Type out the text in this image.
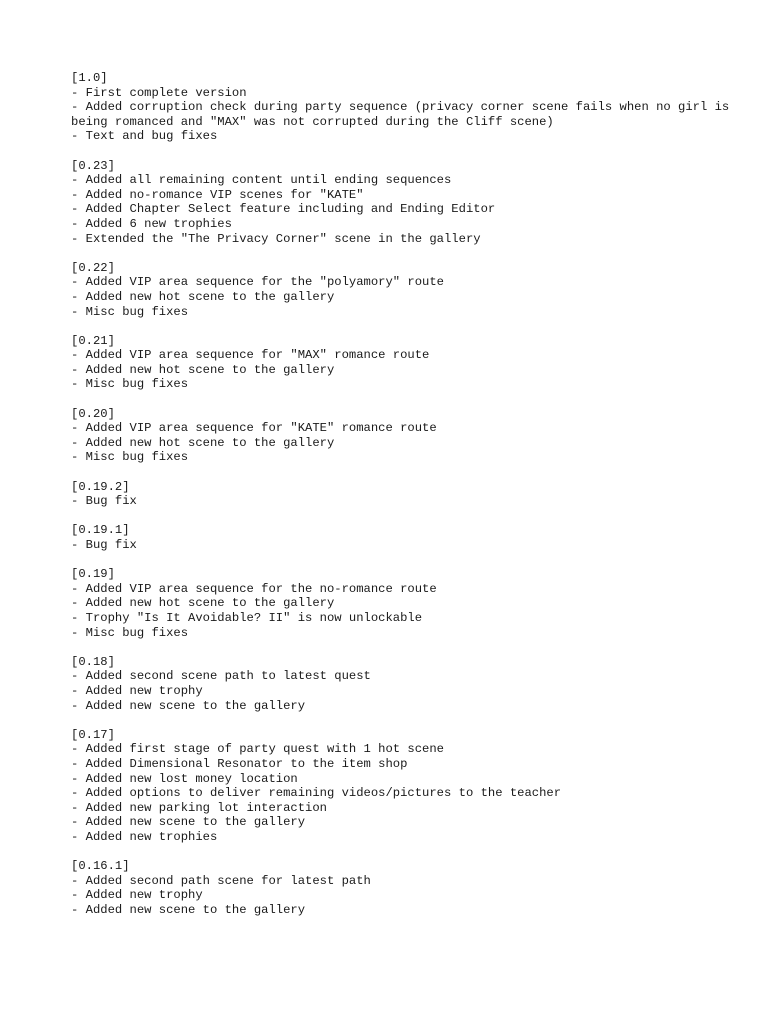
[1.0]
- First complete version
- Added corruption check during party sequence (privacy corner scene fails when no girl is being romanced and "MAX" was not corrupted during the Cliff scene)
- Text and bug fixes
[0.23]
- Added all remaining content until ending sequences
- Added no-romance VIP scenes for "KATE"
- Added Chapter Select feature including and Ending Editor
- Added 6 new trophies
- Extended the "The Privacy Corner" scene in the gallery
[0.22]
- Added VIP area sequence for the "polyamory" route
- Added new hot scene to the gallery
- Misc bug fixes
[0.21]
- Added VIP area sequence for "MAX" romance route
- Added new hot scene to the gallery
- Misc bug fixes
[0.20]
- Added VIP area sequence for "KATE" romance route
- Added new hot scene to the gallery
- Misc bug fixes
[0.19.2]
- Bug fix
[0.19.1]
- Bug fix
[0.19]
- Added VIP area sequence for the no-romance route
- Added new hot scene to the gallery
- Trophy "Is It Avoidable? II" is now unlockable
- Misc bug fixes
[0.18]
- Added second scene path to latest quest
- Added new trophy
- Added new scene to the gallery
[0.17]
- Added first stage of party quest with 1 hot scene
- Added Dimensional Resonator to the item shop
- Added new lost money location
- Added options to deliver remaining videos/pictures to the teacher
- Added new parking lot interaction
- Added new scene to the gallery
- Added new trophies
[0.16.1]
- Added second path scene for latest path
- Added new trophy
- Added new scene to the gallery
